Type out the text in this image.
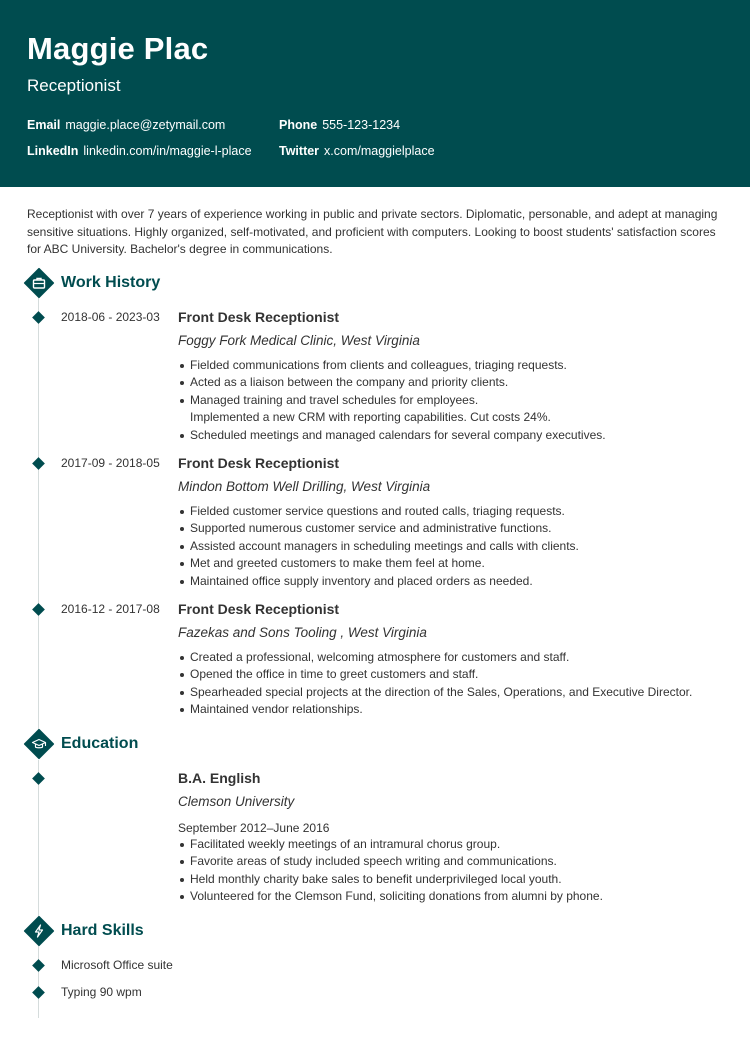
Maggie Plac
Receptionist
Email maggie.place@zetymail.com	Phone 555-123-1234
LinkedIn linkedin.com/in/maggie-l-place Twitter x.com/maggielplace
Receptionist with over 7 years of experience working in public and private sectors. Diplomatic, personable, and adept at managing sensitive situations. Highly organized, self-motivated, and proficient with computers. Looking to boost students' satisfaction scores for ABC University. Bachelor's degree in communications.
Work History
2018-06 - 2023-03 Front Desk Receptionist
Foggy Fork Medical Clinic, West Virginia
Fielded communications from clients and colleagues, triaging requests.
Acted as a liaison between the company and priority clients.
Managed training and travel schedules for employees.
Implemented a new CRM with reporting capabilities. Cut costs 24%.
Scheduled meetings and managed calendars for several company executives.
2017-09 - 2018-05 Front Desk Receptionist
Mindon Bottom Well Drilling, West Virginia
Fielded customer service questions and routed calls, triaging requests.
Supported numerous customer service and administrative functions.
Assisted account managers in scheduling meetings and calls with clients.
Met and greeted customers to make them feel at home.
Maintained office supply inventory and placed orders as needed.
2016-12 - 2017-08 Front Desk Receptionist
Fazekas and Sons Tooling , West Virginia
Created a professional, welcoming atmosphere for customers and staff.
Opened the office in time to greet customers and staff.
Spearheaded special projects at the direction of the Sales, Operations, and Executive Director.
Maintained vendor relationships.
Education
B.A. English
Clemson University
September 2012–June 2016
Facilitated weekly meetings of an intramural chorus group.
Favorite areas of study included speech writing and communications.
Held monthly charity bake sales to benefit underprivileged local youth.
Volunteered for the Clemson Fund, soliciting donations from alumni by phone.
Hard Skills
Microsoft Office suite
Typing 90 wpm
